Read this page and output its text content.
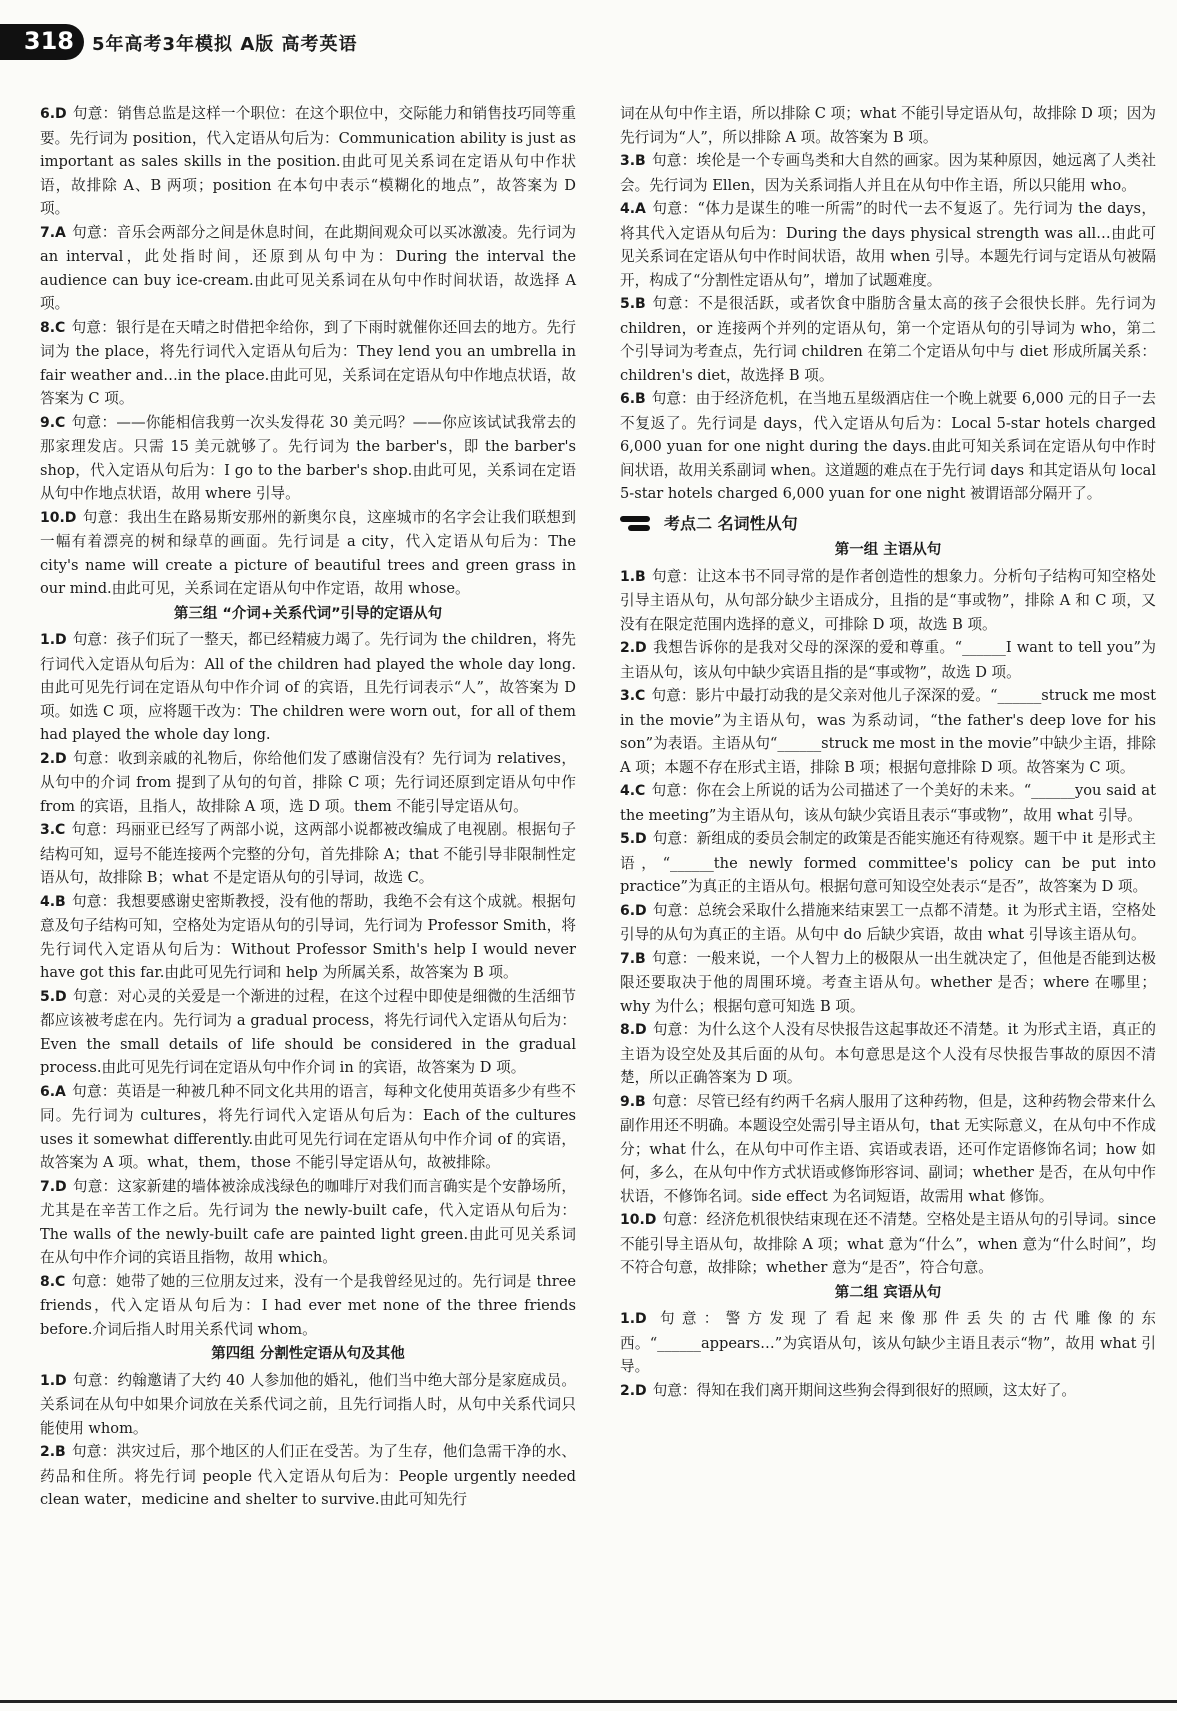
318 5年高考3年模拟 A版 高考英语

6.D 句意：销售总监是这样一个职位：在这个职位中，交际能力和销售技巧同等重要。先行词为 position，代入定语从句后为：Communication ability is just as important as sales skills in the position.由此可见关系词在定语从句中作状语，故排除 A、B 两项；position 在本句中表示“模糊化的地点”，故答案为 D 项。

7.A 句意：音乐会两部分之间是休息时间，在此期间观众可以买冰激凌。先行词为 an interval，此处指时间，还原到从句中为：During the interval the audience can buy ice-cream.由此可见关系词在从句中作时间状语，故选择 A 项。

8.C 句意：银行是在天晴之时借把伞给你，到了下雨时就催你还回去的地方。先行词为 the place，将先行词代入定语从句后为：They lend you an umbrella in fair weather and…in the place.由此可见，关系词在定语从句中作地点状语，故答案为 C 项。

9.C 句意：——你能相信我剪一次头发得花 30 美元吗？——你应该试试我常去的那家理发店。只需 15 美元就够了。先行词为 the barber's，即 the barber's shop，代入定语从句后为：I go to the barber's shop.由此可见，关系词在定语从句中作地点状语，故用 where 引导。

10.D 句意：我出生在路易斯安那州的新奥尔良，这座城市的名字会让我们联想到一幅有着漂亮的树和绿草的画面。先行词是 a city，代入定语从句后为：The city's name will create a picture of beautiful trees and green grass in our mind.由此可见，关系词在定语从句中作定语，故用 whose。

第三组 “介词+关系代词”引导的定语从句

1.D 句意：孩子们玩了一整天，都已经精疲力竭了。先行词为 the children，将先行词代入定语从句后为：All of the children had played the whole day long.由此可见先行词在定语从句中作介词 of 的宾语，且先行词表示“人”，故答案为 D 项。如选 C 项，应将题干改为：The children were worn out，for all of them had played the whole day long.

2.D 句意：收到亲戚的礼物后，你给他们发了感谢信没有？先行词为 relatives，从句中的介词 from 提到了从句的句首，排除 C 项；先行词还原到定语从句中作 from 的宾语，且指人，故排除 A 项，选 D 项。them 不能引导定语从句。

3.C 句意：玛丽亚已经写了两部小说，这两部小说都被改编成了电视剧。根据句子结构可知，逗号不能连接两个完整的分句，首先排除 A；that 不能引导非限制性定语从句，故排除 B；what 不是定语从句的引导词，故选 C。

4.B 句意：我想要感谢史密斯教授，没有他的帮助，我绝不会有这个成就。根据句意及句子结构可知，空格处为定语从句的引导词，先行词为 Professor Smith，将先行词代入定语从句后为：Without Professor Smith's help I would never have got this far.由此可见先行词和 help 为所属关系，故答案为 B 项。

5.D 句意：对心灵的关爱是一个渐进的过程，在这个过程中即使是细微的生活细节都应该被考虑在内。先行词为 a gradual process，将先行词代入定语从句后为：Even the small details of life should be considered in the gradual process.由此可见先行词在定语从句中作介词 in 的宾语，故答案为 D 项。

6.A 句意：英语是一种被几种不同文化共用的语言，每种文化使用英语多少有些不同。先行词为 cultures，将先行词代入定语从句后为：Each of the cultures uses it somewhat differently.由此可见先行词在定语从句中作介词 of 的宾语，故答案为 A 项。what，them，those 不能引导定语从句，故被排除。

7.D 句意：这家新建的墙体被涂成浅绿色的咖啡厅对我们而言确实是个安静场所，尤其是在辛苦工作之后。先行词为 the newly-built cafe，代入定语从句后为：The walls of the newly-built cafe are painted light green.由此可见关系词在从句中作介词的宾语且指物，故用 which。

8.C 句意：她带了她的三位朋友过来，没有一个是我曾经见过的。先行词是 three friends，代入定语从句后为：I had ever met none of the three friends before.介词后指人时用关系代词 whom。

第四组 分割性定语从句及其他

1.D 句意：约翰邀请了大约 40 人参加他的婚礼，他们当中绝大部分是家庭成员。关系词在从句中如果介词放在关系代词之前，且先行词指人时，从句中关系代词只能使用 whom。

2.B 句意：洪灾过后，那个地区的人们正在受苦。为了生存，他们急需干净的水、药品和住所。将先行词 people 代入定语从句后为：People urgently needed clean water，medicine and shelter to survive.由此可知先行

词在从句中作主语，所以排除 C 项；what 不能引导定语从句，故排除 D 项；因为先行词为“人”，所以排除 A 项。故答案为 B 项。

3.B 句意：埃伦是一个专画鸟类和大自然的画家。因为某种原因，她远离了人类社会。先行词为 Ellen，因为关系词指人并且在从句中作主语，所以只能用 who。

4.A 句意：“体力是谋生的唯一所需”的时代一去不复返了。先行词为 the days，将其代入定语从句后为：During the days physical strength was all…由此可见关系词在定语从句中作时间状语，故用 when 引导。本题先行词与定语从句被隔开，构成了“分割性定语从句”，增加了试题难度。

5.B 句意：不是很活跃，或者饮食中脂肪含量太高的孩子会很快长胖。先行词为 children，or 连接两个并列的定语从句，第一个定语从句的引导词为 who，第二个引导词为考查点，先行词 children 在第二个定语从句中与 diet 形成所属关系：children's diet，故选择 B 项。

6.B 句意：由于经济危机，在当地五星级酒店住一个晚上就要 6,000 元的日子一去不复返了。先行词是 days，代入定语从句后为：Local 5-star hotels charged 6,000 yuan for one night during the days.由此可知关系词在定语从句中作时间状语，故用关系副词 when。这道题的难点在于先行词 days 和其定语从句 local 5-star hotels charged 6,000 yuan for one night 被谓语部分隔开了。

考点二 名词性从句
第一组 主语从句

1.B 句意：让这本书不同寻常的是作者创造性的想象力。分析句子结构可知空格处引导主语从句，从句部分缺少主语成分，且指的是“事或物”，排除 A 和 C 项，又没有在限定范围内选择的意义，可排除 D 项，故选 B 项。

2.D 我想告诉你的是我对父母的深深的爱和尊重。“______I want to tell you”为主语从句，该从句中缺少宾语且指的是“事或物”，故选 D 项。

3.C 句意：影片中最打动我的是父亲对他儿子深深的爱。“______struck me most in the movie”为主语从句，was 为系动词，“the father's deep love for his son”为表语。主语从句“______struck me most in the movie”中缺少主语，排除 A 项；本题不存在形式主语，排除 B 项；根据句意排除 D 项。故答案为 C 项。

4.C 句意：你在会上所说的话为公司描述了一个美好的未来。“______you said at the meeting”为主语从句，该从句缺少宾语且表示“事或物”，故用 what 引导。

5.D 句意：新组成的委员会制定的政策是否能实施还有待观察。题干中 it 是形式主语，“______the newly formed committee's policy can be put into practice”为真正的主语从句。根据句意可知设空处表示“是否”，故答案为 D 项。

6.D 句意：总统会采取什么措施来结束罢工一点都不清楚。it 为形式主语，空格处引导的从句为真正的主语。从句中 do 后缺少宾语，故由 what 引导该主语从句。

7.B 句意：一般来说，一个人智力上的极限从一出生就决定了，但他是否能到达极限还要取决于他的周围环境。考查主语从句。whether 是否；where 在哪里；why 为什么；根据句意可知选 B 项。

8.D 句意：为什么这个人没有尽快报告这起事故还不清楚。it 为形式主语，真正的主语为设空处及其后面的从句。本句意思是这个人没有尽快报告事故的原因不清楚，所以正确答案为 D 项。

9.B 句意：尽管已经有约两千名病人服用了这种药物，但是，这种药物会带来什么副作用还不明确。本题设空处需引导主语从句，that 无实际意义，在从句中不作成分；what 什么，在从句中可作主语、宾语或表语，还可作定语修饰名词；how 如何，多么，在从句中作方式状语或修饰形容词、副词；whether 是否，在从句中作状语，不修饰名词。side effect 为名词短语，故需用 what 修饰。

10.D 句意：经济危机很快结束现在还不清楚。空格处是主语从句的引导词。since 不能引导主语从句，故排除 A 项；what 意为“什么”，when 意为“什么时间”，均不符合句意，故排除；whether 意为“是否”，符合句意。

第二组 宾语从句

1.D 句意：警方发现了看起来像那件丢失的古代雕像的东西。“______appears…”为宾语从句，该从句缺少主语且表示“物”，故用 what 引导。

2.D 句意：得知在我们离开期间这些狗会得到很好的照顾，这太好了。
